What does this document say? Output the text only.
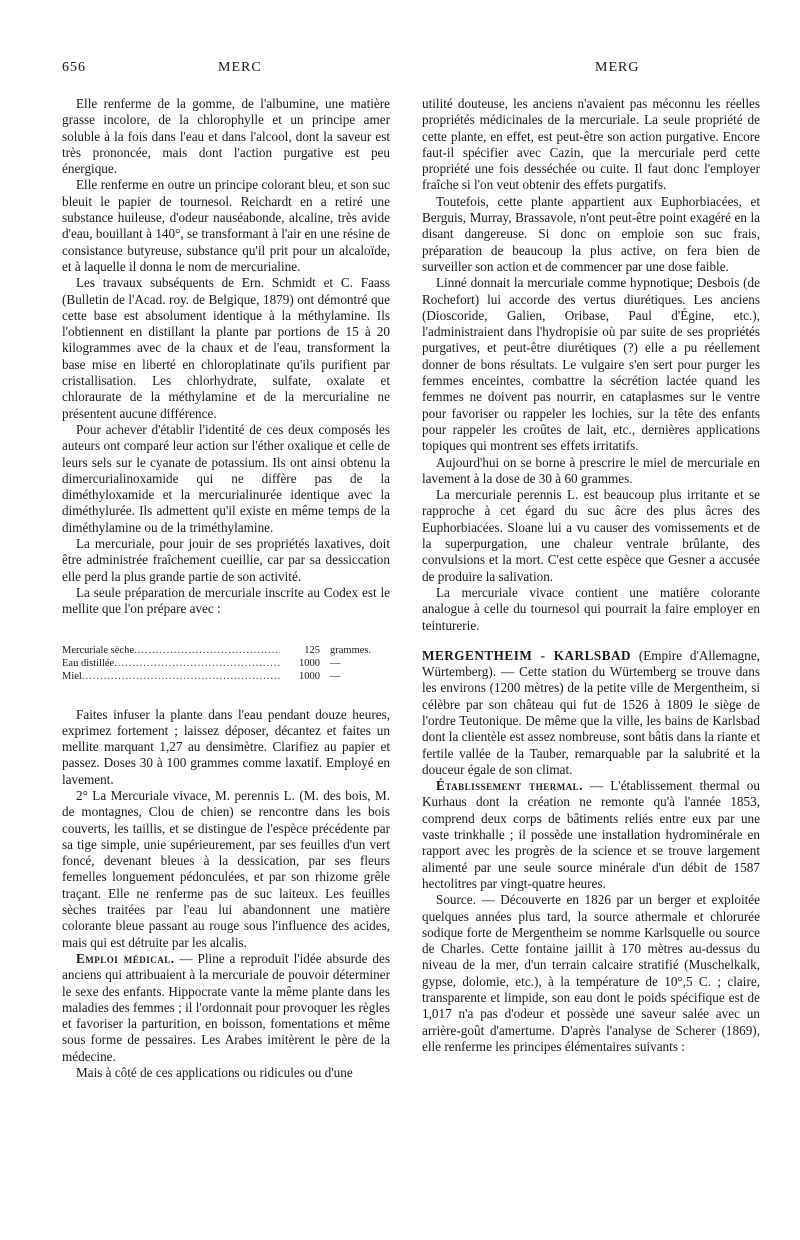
656	MERC	MERG

Elle renferme de la gomme, de l'albumine, une matière grasse incolore, de la chlorophylle et un principe amer soluble à la fois dans l'eau et dans l'alcool, dont la saveur est très prononcée, mais dont l'action purgative est peu énergique.

Elle renferme en outre un principe colorant bleu, et son suc bleuit le papier de tournesol. Reichardt en a retiré une substance huileuse, d'odeur nauséabonde, alcaline, très avide d'eau, bouillant à 140°, se transformant à l'air en une résine de consistance butyreuse, substance qu'il prit pour un alcaloïde, et à laquelle il donna le nom de mercurialine.

Les travaux subséquents de Ern. Schmidt et C. Faass (Bulletin de l'Acad. roy. de Belgique, 1879) ont démontré que cette base est absolument identique à la méthylamine. Ils l'obtiennent en distillant la plante par portions de 15 à 20 kilogrammes avec de la chaux et de l'eau, transforment la base mise en liberté en chloroplatinate qu'ils purifient par cristallisation. Les chlorhydrate, sulfate, oxalate et chloraurate de la méthylamine et de la mercurialine ne présentent aucune différence.

Pour achever d'établir l'identité de ces deux composés les auteurs ont comparé leur action sur l'éther oxalique et celle de leurs sels sur le cyanate de potassium. Ils ont ainsi obtenu la dimercurialinoxamide qui ne diffère pas de la diméthyloxamide et la mercurialinurée identique avec la diméthylurée. Ils admettent qu'il existe en même temps de la diméthylamine ou de la triméthylamine.

La mercuriale, pour jouir de ses propriétés laxatives, doit être administrée fraîchement cueillie, car par sa dessiccation elle perd la plus grande partie de son activité.

La seule préparation de mercuriale inscrite au Codex est le mellite que l'on prépare avec :

Mercuriale sèche .....	125 grammes.
Eau distillée .....	1000 —
Miel .....	1000 —

Faites infuser la plante dans l'eau pendant douze heures, exprimez fortement ; laissez déposer, décantez et faites un mellite marquant 1,27 au densimètre. Clarifiez au papier et passez. Doses 30 à 100 grammes comme laxatif. Employé en lavement.

2° La Mercuriale vivace, M. perennis L. (M. des bois, M. de montagnes, Clou de chien) se rencontre dans les bois couverts, les taillis, et se distingue de l'espèce précédente par sa tige simple, unie supérieurement, par ses feuilles d'un vert foncé, devenant bleues à la dessication, par ses fleurs femelles longuement pédonculées, et par son rhizome grêle traçant. Elle ne renferme pas de suc laiteux. Les feuilles sèches traitées par l'eau lui abandonnent une matière colorante bleue passant au rouge sous l'influence des acides, mais qui est détruite par les alcalis.

Emploi médical. — Pline a reproduit l'idée absurde des anciens qui attribuaient à la mercuriale de pouvoir déterminer le sexe des enfants. Hippocrate vante la même plante dans les maladies des femmes ; il l'ordonnait pour provoquer les règles et favoriser la parturition, en boisson, fomentations et même sous forme de pessaires. Les Arabes imitèrent le père de la médecine.

Mais à côté de ces applications ou ridicules ou d'une

utilité douteuse, les anciens n'avaient pas méconnu les réelles propriétés médicinales de la mercuriale. La seule propriété de cette plante, en effet, est peut-être son action purgative. Encore faut-il spécifier avec Cazin, que la mercuriale perd cette propriété une fois desséchée ou cuite. Il faut donc l'employer fraîche si l'on veut obtenir des effets purgatifs.

Toutefois, cette plante appartient aux Euphorbiacées, et Berguis, Murray, Brassavole, n'ont peut-être point exagéré en la disant dangereuse. Si donc on emploie son suc frais, préparation de beaucoup la plus active, on fera bien de surveiller son action et de commencer par une dose faible.

Linné donnait la mercuriale comme hypnotique; Desbois (de Rochefort) lui accorde des vertus diurétiques. Les anciens (Dioscoride, Galien, Oribase, Paul d'Égine, etc.), l'administraient dans l'hydropisie où par suite de ses propriétés purgatives, et peut-être diurétiques (?) elle a pu réellement donner de bons résultats. Le vulgaire s'en sert pour purger les femmes enceintes, combattre la sécrétion lactée quand les femmes ne doivent pas nourrir, en cataplasmes sur le ventre pour favoriser ou rappeler les lochies, sur la tête des enfants pour rappeler les croûtes de lait, etc., dernières applications topiques qui montrent ses effets irritatifs.

Aujourd'hui on se borne à prescrire le miel de mercuriale en lavement à la dose de 30 à 60 grammes.

La mercuriale perennis L. est beaucoup plus irritante et se rapproche à cet égard du suc âcre des plus âcres des Euphorbiacées. Sloane lui a vu causer des vomissements et de la superpurgation, une chaleur ventrale brûlante, des convulsions et la mort. C'est cette espèce que Gesner a accusée de produire la salivation.

La mercuriale vivace contient une matière colorante analogue à celle du tournesol qui pourrait la faire employer en teinturerie.

MERGENTHEIM - KARLSBAD (Empire d'Allemagne, Würtemberg). — Cette station du Würtemberg se trouve dans les environs (1200 mètres) de la petite ville de Mergentheim, si célèbre par son château qui fut de 1526 à 1809 le siège de l'ordre Teutonique. De même que la ville, les bains de Karlsbad dont la clientèle est assez nombreuse, sont bâtis dans la riante et fertile vallée de la Tauber, remarquable par la salubrité et la douceur égale de son climat.

Établissement thermal. — L'établissement thermal ou Kurhaus dont la création ne remonte qu'à l'année 1853, comprend deux corps de bâtiments reliés entre eux par une vaste trinkhalle ; il possède une installation hydrominérale en rapport avec les progrès de la science et se trouve largement alimenté par une seule source minérale d'un débit de 1587 hectolitres par vingt-quatre heures.

Source. — Découverte en 1826 par un berger et exploitée quelques années plus tard, la source athermale et chlorurée sodique forte de Mergentheim se nomme Karlsquelle ou source de Charles. Cette fontaine jaillit à 170 mètres au-dessus du niveau de la mer, d'un terrain calcaire stratifié (Muschelkalk, gypse, dolomie, etc.), à la température de 10°,5 C. ; claire, transparente et limpide, son eau dont le poids spécifique est de 1,017 n'a pas d'odeur et possède une saveur salée avec un arrière-goût d'amertume. D'après l'analyse de Scherer (1869), elle renferme les principes élémentaires suivants :
